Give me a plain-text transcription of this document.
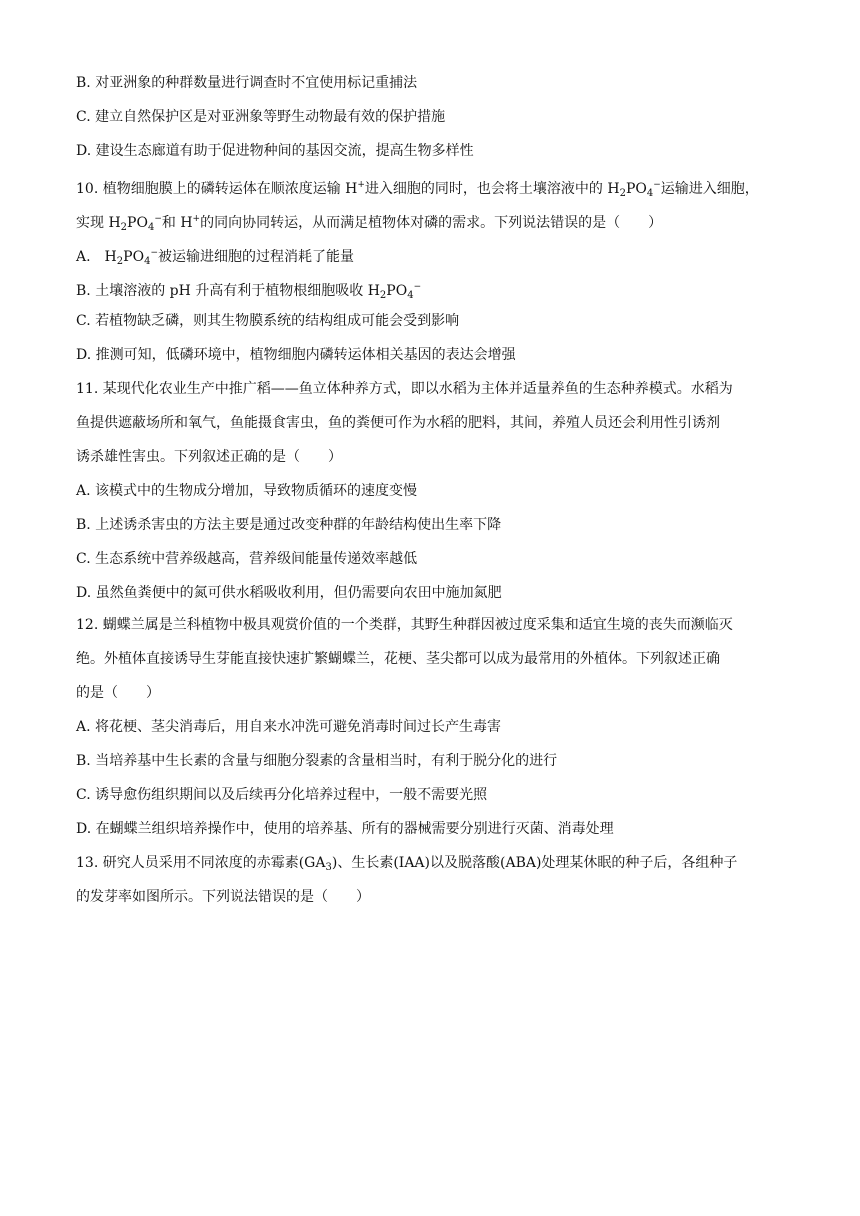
B. 对亚洲象的种群数量进行调查时不宜使用标记重捕法
C. 建立自然保护区是对亚洲象等野生动物最有效的保护措施
D. 建设生态廊道有助于促进物种间的基因交流，提高生物多样性
10. 植物细胞膜上的磷转运体在顺浓度运输 H+进入细胞的同时，也会将土壤溶液中的 $H_2PO_4^-$运输进入细胞，
实现 $H_2PO_4^-$和 H+的同向协同转运，从而满足植物体对磷的需求。下列说法错误的是（　　）
A.　$H_2PO_4^-$被运输进细胞的过程消耗了能量
B. 土壤溶液的 pH 升高有利于植物根细胞吸收 $H_2PO_4^-$
C. 若植物缺乏磷，则其生物膜系统的结构组成可能会受到影响
D. 推测可知，低磷环境中，植物细胞内磷转运体相关基因的表达会增强
11. 某现代化农业生产中推广稻——鱼立体种养方式，即以水稻为主体并适量养鱼的生态种养模式。水稻为
鱼提供遮蔽场所和氧气，鱼能摄食害虫，鱼的粪便可作为水稻的肥料，其间，养殖人员还会利用性引诱剂
诱杀雄性害虫。下列叙述正确的是（　　）
A. 该模式中的生物成分增加，导致物质循环的速度变慢
B. 上述诱杀害虫的方法主要是通过改变种群的年龄结构使出生率下降
C. 生态系统中营养级越高，营养级间能量传递效率越低
D. 虽然鱼粪便中的氮可供水稻吸收利用，但仍需要向农田中施加氮肥
12. 蝴蝶兰属是兰科植物中极具观赏价值的一个类群，其野生种群因被过度采集和适宜生境的丧失而濒临灭
绝。外植体直接诱导生芽能直接快速扩繁蝴蝶兰，花梗、茎尖都可以成为最常用的外植体。下列叙述正确
的是（　　）
A. 将花梗、茎尖消毒后，用自来水冲洗可避免消毒时间过长产生毒害
B. 当培养基中生长素的含量与细胞分裂素的含量相当时，有利于脱分化的进行
C. 诱导愈伤组织期间以及后续再分化培养过程中，一般不需要光照
D. 在蝴蝶兰组织培养操作中，使用的培养基、所有的器械需要分别进行灭菌、消毒处理
13. 研究人员采用不同浓度的赤霉素$(GA_3)$、生长素(IAA)以及脱落酸(ABA)处理某休眠的种子后，各组种子
的发芽率如图所示。下列说法错误的是（　　）
